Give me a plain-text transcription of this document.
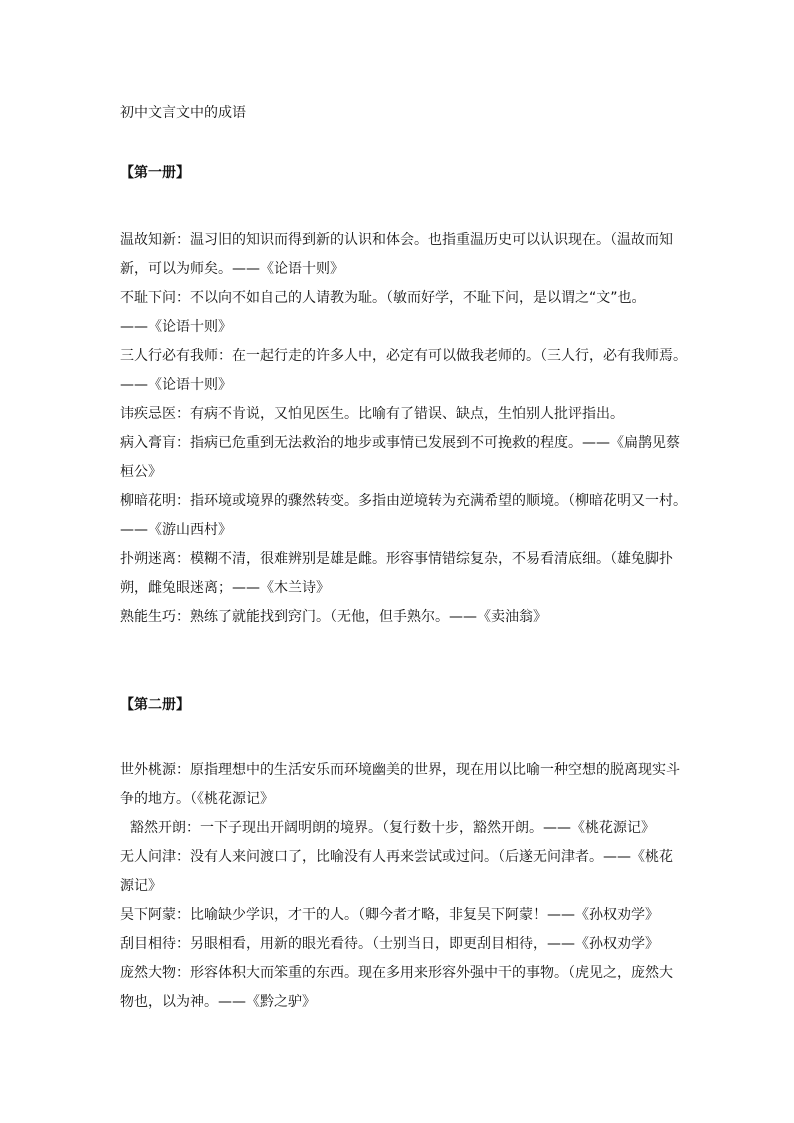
初中文言文中的成语
【第一册】

温故知新：温习旧的知识而得到新的认识和体会。也指重温历史可以认识现在。（温故而知
新，可以为师矣。——《论语十则》

不耻下问：不以向不如自己的人请教为耻。（敏而好学，不耻下问，是以谓之“文”也。
——《论语十则》

三人行必有我师：在一起行走的许多人中，必定有可以做我老师的。（三人行，必有我师焉。
——《论语十则》

讳疾忌医：有病不肯说，又怕见医生。比喻有了错误、缺点，生怕别人批评指出。

病入膏肓：指病已危重到无法救治的地步或事情已发展到不可挽救的程度。——《扁鹊见蔡
桓公》

柳暗花明：指环境或境界的骤然转变。多指由逆境转为充满希望的顺境。（柳暗花明又一村。
——《游山西村》

扑朔迷离：模糊不清，很难辨别是雄是雌。形容事情错综复杂，不易看清底细。（雄兔脚扑
朔，雌兔眼迷离；——《木兰诗》

熟能生巧：熟练了就能找到窍门。（无他，但手熟尔。——《卖油翁》

【第二册】

世外桃源：原指理想中的生活安乐而环境幽美的世界，现在用以比喻一种空想的脱离现实斗
争的地方。（《桃花源记》

豁然开朗：一下子现出开阔明朗的境界。（复行数十步，豁然开朗。——《桃花源记》

无人问津：没有人来问渡口了，比喻没有人再来尝试或过问。（后遂无问津者。——《桃花
源记》

吴下阿蒙：比喻缺少学识，才干的人。（卿今者才略，非复吴下阿蒙！——《孙权劝学》

刮目相待：另眼相看，用新的眼光看待。（士别当日，即更刮目相待，——《孙权劝学》

庞然大物：形容体积大而笨重的东西。现在多用来形容外强中干的事物。（虎见之，庞然大
物也，以为神。——《黔之驴》
